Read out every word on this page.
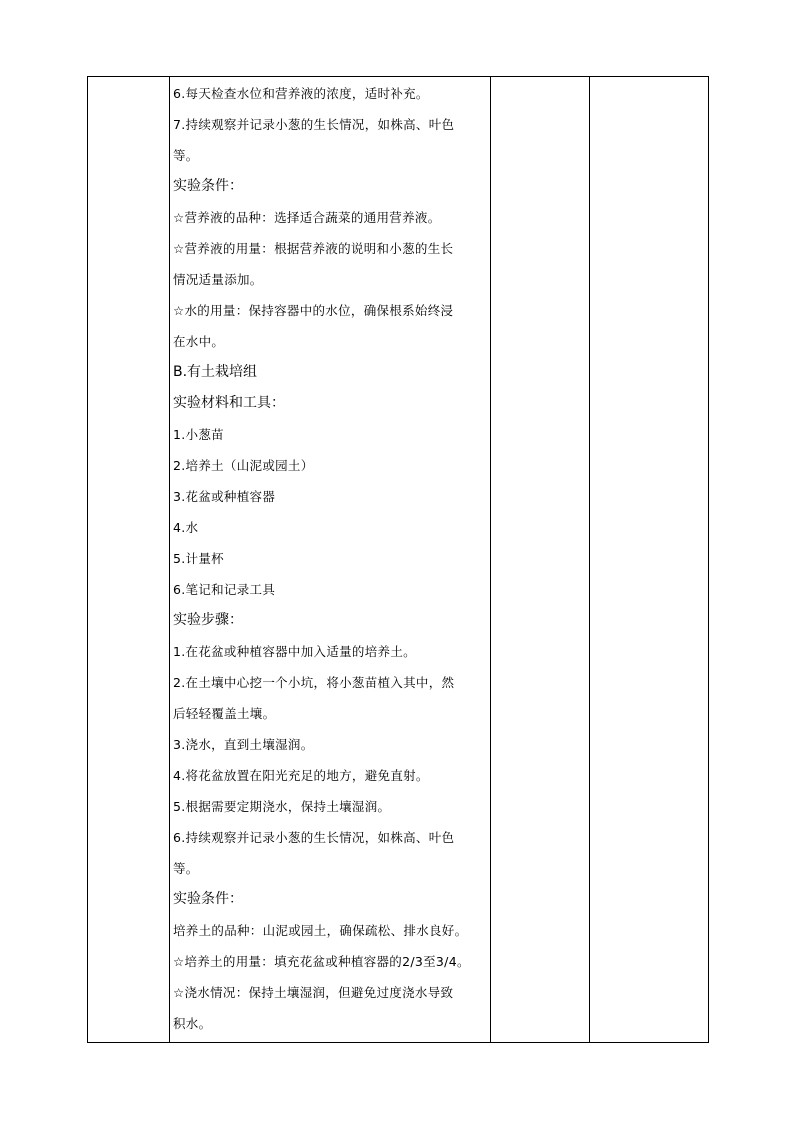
6.每天检查水位和营养液的浓度，适时补充。
7.持续观察并记录小葱的生长情况，如株高、叶色
等。
实验条件：
☆营养液的品种：选择适合蔬菜的通用营养液。
☆营养液的用量：根据营养液的说明和小葱的生长
情况适量添加。
☆水的用量：保持容器中的水位，确保根系始终浸
在水中。
B.有土栽培组
实验材料和工具：
1.小葱苗
2.培养土（山泥或园土）
3.花盆或种植容器
4.水
5.计量杯
6.笔记和记录工具
实验步骤：
1.在花盆或种植容器中加入适量的培养土。
2.在土壤中心挖一个小坑，将小葱苗植入其中，然
后轻轻覆盖土壤。
3.浇水，直到土壤湿润。
4.将花盆放置在阳光充足的地方，避免直射。
5.根据需要定期浇水，保持土壤湿润。
6.持续观察并记录小葱的生长情况，如株高、叶色
等。
实验条件：
培养土的品种：山泥或园土，确保疏松、排水良好。
☆培养土的用量：填充花盆或种植容器的2/3至3/4。
☆浇水情况：保持土壤湿润，但避免过度浇水导致
积水。
